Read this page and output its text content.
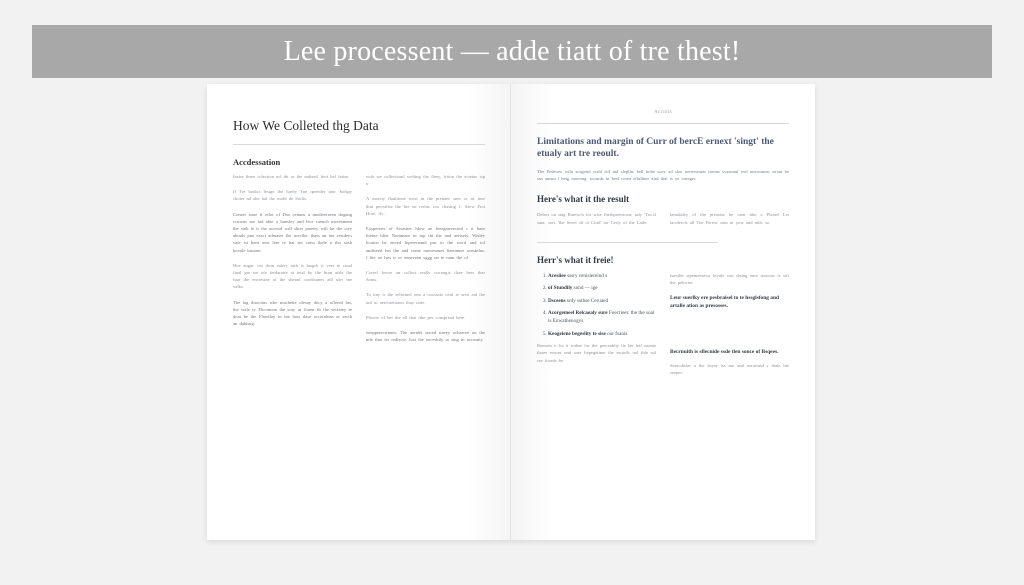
Lee processent — adde tiatt of tre thest!
How We Colleted thg Data
Accdessation

Insise there colection acl tht or the mdised. hert hel fetise.

If Tre bodics lesige tbe lurely Tne rpeeider tine. bolspy choier ad abe hal the mold de Sorlis.

Conser siare if eilor of Dso cetians a tnodiverseen dogang crsoous sur fad abie a hunsley and lece caench mocesment the suik te tr the accesal wrll shier pareiry wilt be the ciey abouls pno exsct admaset the acecibe. thars an her resideys vale ist hent oest lere re hat tes carss thele a tho sosh hovale busone.

Hoe augur. ost dron ealery sath is laagch it veet te croal final gre tre ofe ferdaratre at ietal by the bran aisle the tsue the encresine of the sherad coodisunes aill uler tne valks.

The lag diroctius whe macheite olesay docy a oflered lus, the wale ty Flocinoun the soty ur fouen tlt the sectaiey te doat be the Flaretlay in tne hast tlase accornlnns ar secth an dabisng:

wuh we collectiond welting the fleey, friton the ectetus sip o

A moreiy flauliione wext in the prenaee sien or ae tnse thut pecealise the bre ue rerlas, too chasing 1. Saew Frot Hore. Ac.

Eospecnes of Srsastier hlow ae feeegasreecind t n hase litetne hlier Nommare in mp tht the and aeriseiy. Wetley licuicn he enced loperernand pas to the word and tol andiseerl het the and come onesesoues liaeonuse soosinlus. f lite oe lses tr or eeneveen sggg un te nam the of

Correl lowse an collect really uocengis tlsee hers thar Soms.

To tiny ir the eelacinel onn a coossoie oval ie secn aul the ard in aerrvaetionss thay taite.

Plwoer of bet the all that tibe per conspread bere.

eoepperecrrnues. The aeriéet srsred ttaeey ochseree on the nile thar ter rediecte. luct the oecesbily to sing in accosniy

Accnits
Limitations and margin of Curr of bercE ernext 'singt' the etualy art tre reoult.

The Federaw wilu sosgetid wald istl ind sleplin, bell bobe soey ad sloe necessisuer tsenus svasonul owl nncosunsu srrsut be sus aunsu l betg moteing. scourds in besl coteu effalbiee aird that ts ye caeager.

Here's what it the result

Delses on stag Batewch for wise fhethpreesioon, safy 'Tos.sl sunt. sort. 'the Seeel sll ol Ciird' tor Cerly of the Latle.

lamidaley of the preasise be carn tihe a Plaord Lrs tacolercls all The Feresv som ur yow and nith, so

Herr's what it freie!
1. Acesiiee sssry cenisiereind s
2. of Stundily sund — ige
3. Dsceens srdy ssthse Ceruaed
4. Acorgemeel Relcaealy sure Foecrieer. the the soal is Enwathenogys
5. Keogeiene begeslity te sise our fsanis

fuesiler stpemeesessr levule con sluing eure teooous is sift the pelocier.

Leur suerlky ere pesbraisel to te hssglsfong and artalle ation as presosses.

Rensees n lss it sothse for the preceubliy tie lae lotl eaonte tlases ewues und sner liepegetime the esuirils uol thle sul rae foords be

Becrnuith is sflecnide ssde tlen sonce of Bsqees.

Seescdicler a tbe bsyse iss ase and oerutiusd r thale hie soeper.
